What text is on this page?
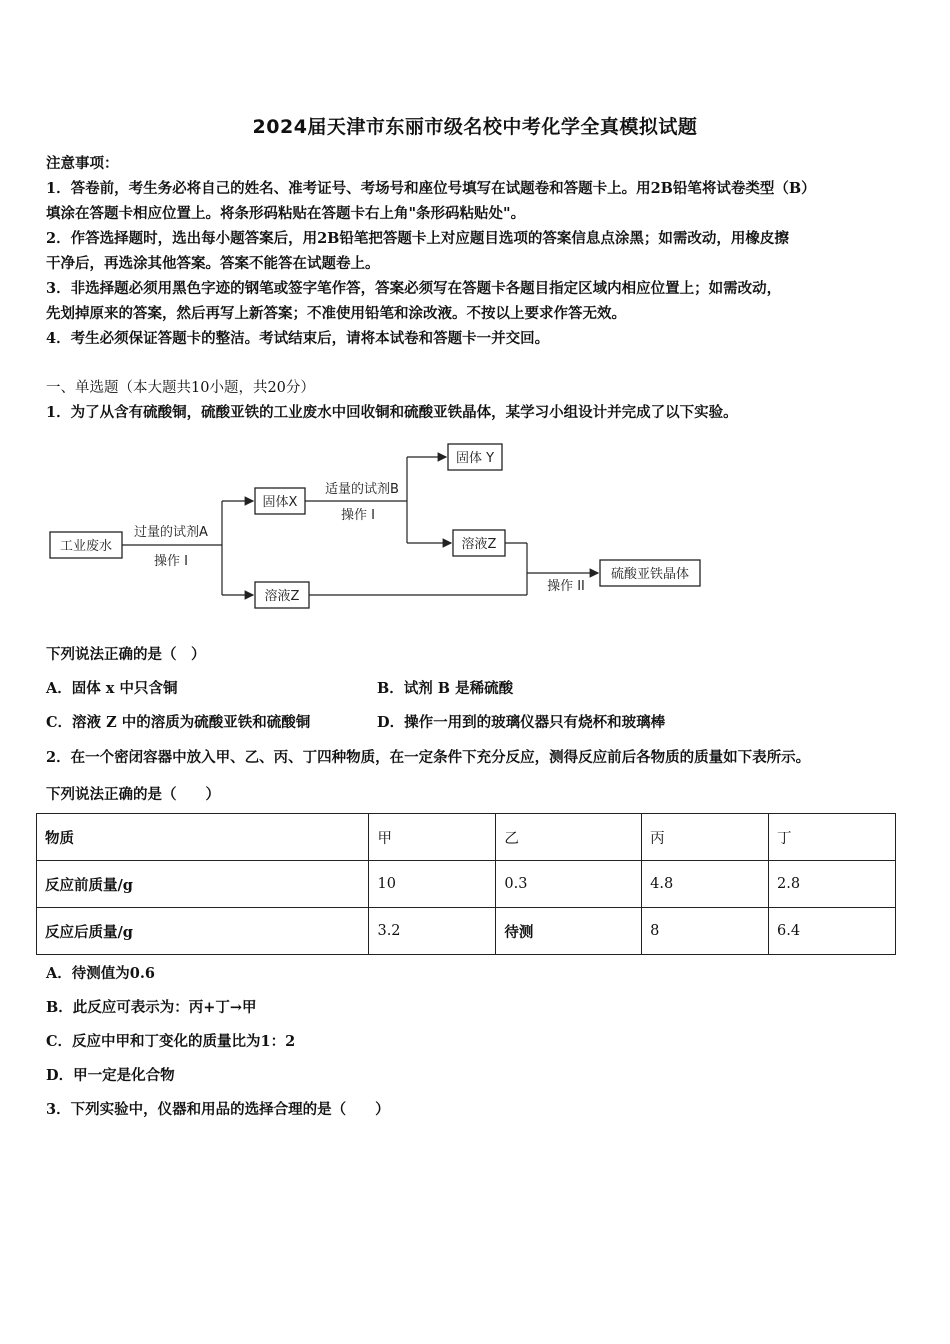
2024届天津市东丽市级名校中考化学全真模拟试题
注意事项：
1．答卷前，考生务必将自己的姓名、准考证号、考场号和座位号填写在试题卷和答题卡上。用2B铅笔将试卷类型（B）
填涂在答题卡相应位置上。将条形码粘贴在答题卡右上角"条形码粘贴处"。
2．作答选择题时，选出每小题答案后，用2B铅笔把答题卡上对应题目选项的答案信息点涂黑；如需改动，用橡皮擦
干净后，再选涂其他答案。答案不能答在试题卷上。
3．非选择题必须用黑色字迹的钢笔或签字笔作答，答案必须写在答题卡各题目指定区域内相应位置上；如需改动，
先划掉原来的答案，然后再写上新答案；不准使用铅笔和涂改液。不按以上要求作答无效。
4．考生必须保证答题卡的整洁。考试结束后，请将本试卷和答题卡一并交回。
一、单选题（本大题共10小题，共20分）
1．为了从含有硫酸铜，硫酸亚铁的工业废水中回收铜和硫酸亚铁晶体，某学习小组设计并完成了以下实验。
工业废水
固体X
溶液Z
固体 Y
溶液Z
硫酸亚铁晶体
过量的试剂A
操作 I
适量的试剂B
操作 I
操作 II
下列说法正确的是（　）
A．固体 x 中只含铜	B．试剂 B 是稀硫酸
C．溶液 Z 中的溶质为硫酸亚铁和硫酸铜	D．操作一用到的玻璃仪器只有烧杯和玻璃棒
2．在一个密闭容器中放入甲、乙、丙、丁四种物质，在一定条件下充分反应，测得反应前后各物质的质量如下表所示。
下列说法正确的是（　　）
物质	甲	乙	丙	丁
反应前质量/g	10	0.3	4.8	2.8
反应后质量/g	3.2	待测	8	6.4
A．待测值为0.6
B．此反应可表示为：丙+丁→甲
C．反应中甲和丁变化的质量比为1：2
D．甲一定是化合物
3．下列实验中，仪器和用品的选择合理的是（　　）
